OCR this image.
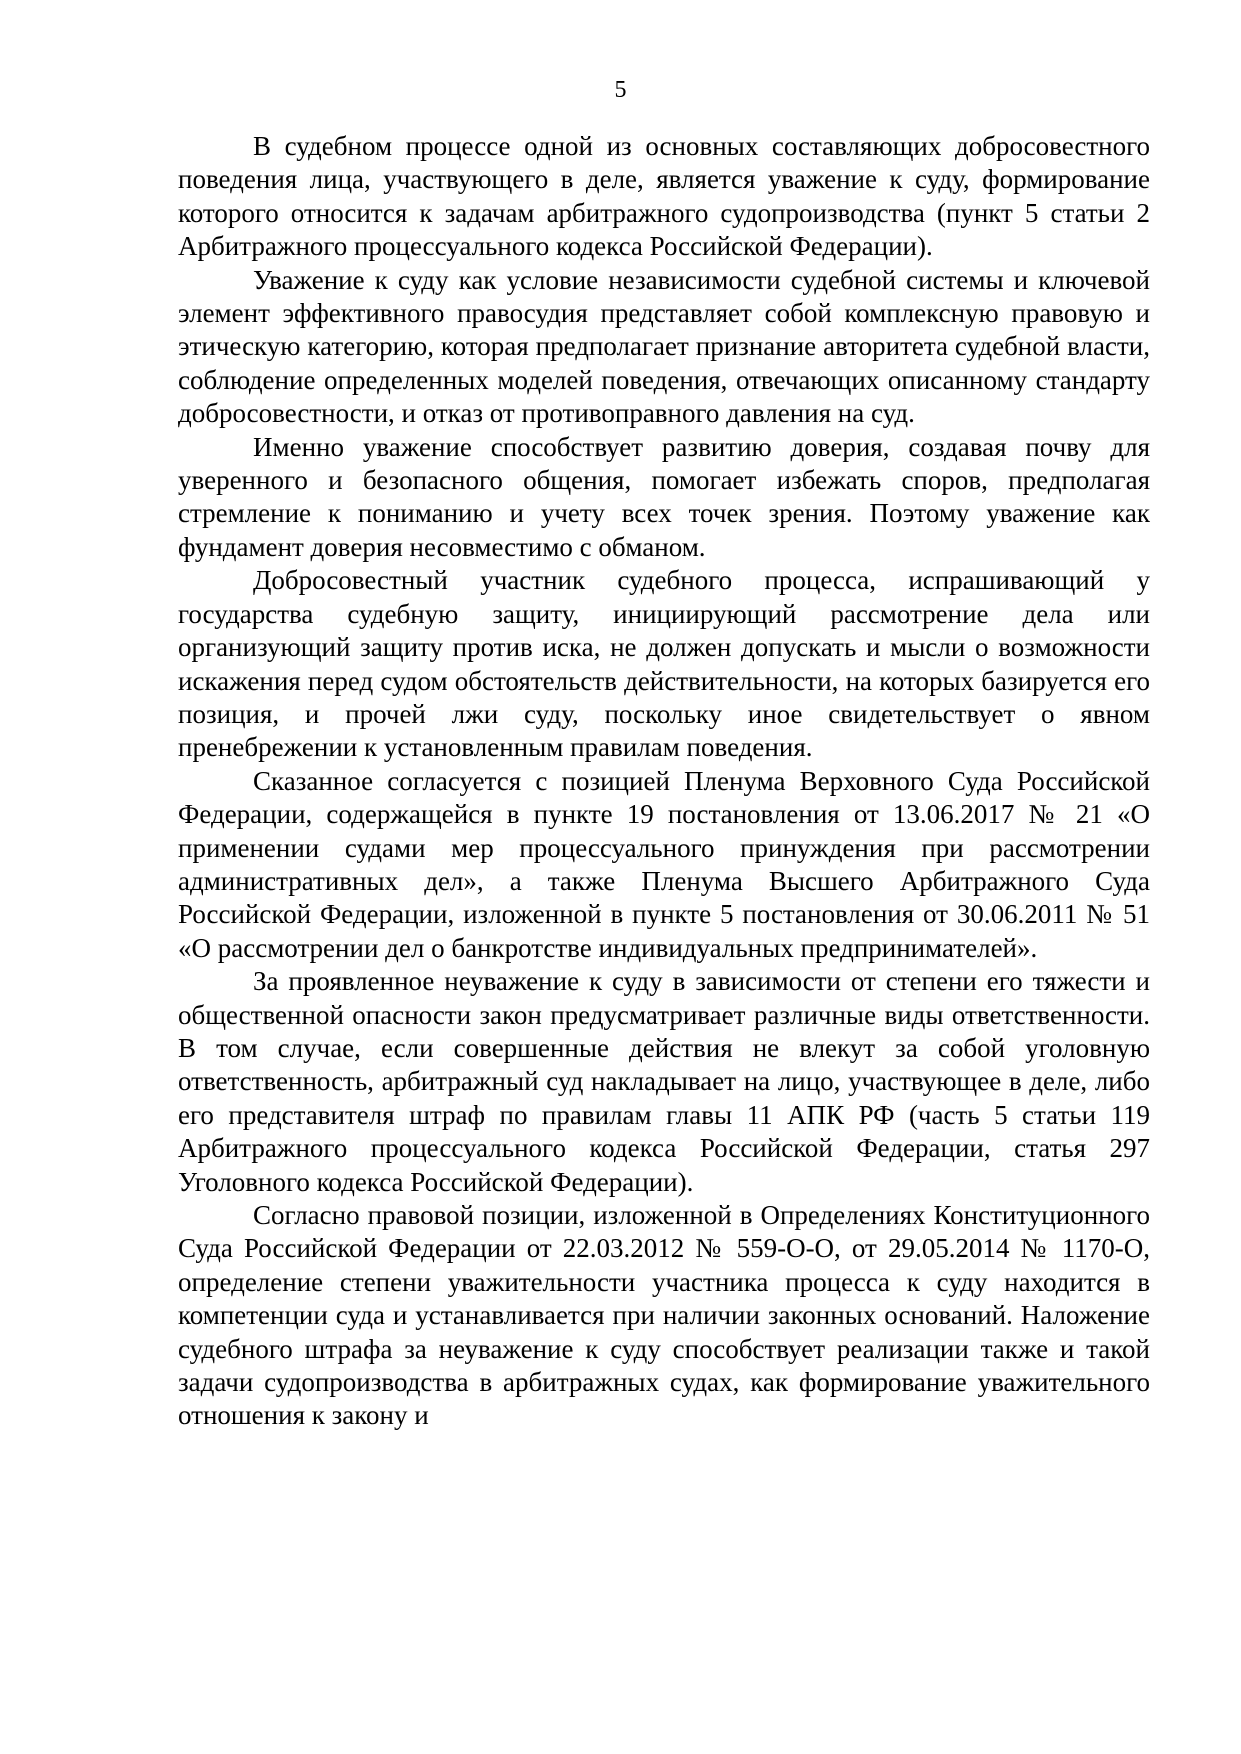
5

В судебном процессе одной из основных составляющих добросовестного поведения лица, участвующего в деле, является уважение к суду, формирование которого относится к задачам арбитражного судопроизводства (пункт 5 статьи 2 Арбитражного процессуального кодекса Российской Федерации).

Уважение к суду как условие независимости судебной системы и ключевой элемент эффективного правосудия представляет собой комплексную правовую и этическую категорию, которая предполагает признание авторитета судебной власти, соблюдение определенных моделей поведения, отвечающих описанному стандарту добросовестности, и отказ от противоправного давления на суд.

Именно уважение способствует развитию доверия, создавая почву для уверенного и безопасного общения, помогает избежать споров, предполагая стремление к пониманию и учету всех точек зрения. Поэтому уважение как фундамент доверия несовместимо с обманом.

Добросовестный участник судебного процесса, испрашивающий у государства судебную защиту, инициирующий рассмотрение дела или организующий защиту против иска, не должен допускать и мысли о возможности искажения перед судом обстоятельств действительности, на которых базируется его позиция, и прочей лжи суду, поскольку иное свидетельствует о явном пренебрежении к установленным правилам поведения.

Сказанное согласуется с позицией Пленума Верховного Суда Российской Федерации, содержащейся в пункте 19 постановления от 13.06.2017 № 21 «О применении судами мер процессуального принуждения при рассмотрении административных дел», а также Пленума Высшего Арбитражного Суда Российской Федерации, изложенной в пункте 5 постановления от 30.06.2011 № 51 «О рассмотрении дел о банкротстве индивидуальных предпринимателей».

За проявленное неуважение к суду в зависимости от степени его тяжести и общественной опасности закон предусматривает различные виды ответственности. В том случае, если совершенные действия не влекут за собой уголовную ответственность, арбитражный суд накладывает на лицо, участвующее в деле, либо его представителя штраф по правилам главы 11 АПК РФ (часть 5 статьи 119 Арбитражного процессуального кодекса Российской Федерации, статья 297 Уголовного кодекса Российской Федерации).

Согласно правовой позиции, изложенной в Определениях Конституционного Суда Российской Федерации от 22.03.2012 № 559-О-О, от 29.05.2014 № 1170-О, определение степени уважительности участника процесса к суду находится в компетенции суда и устанавливается при наличии законных оснований. Наложение судебного штрафа за неуважение к суду способствует реализации также и такой задачи судопроизводства в арбитражных судах, как формирование уважительного отношения к закону и
